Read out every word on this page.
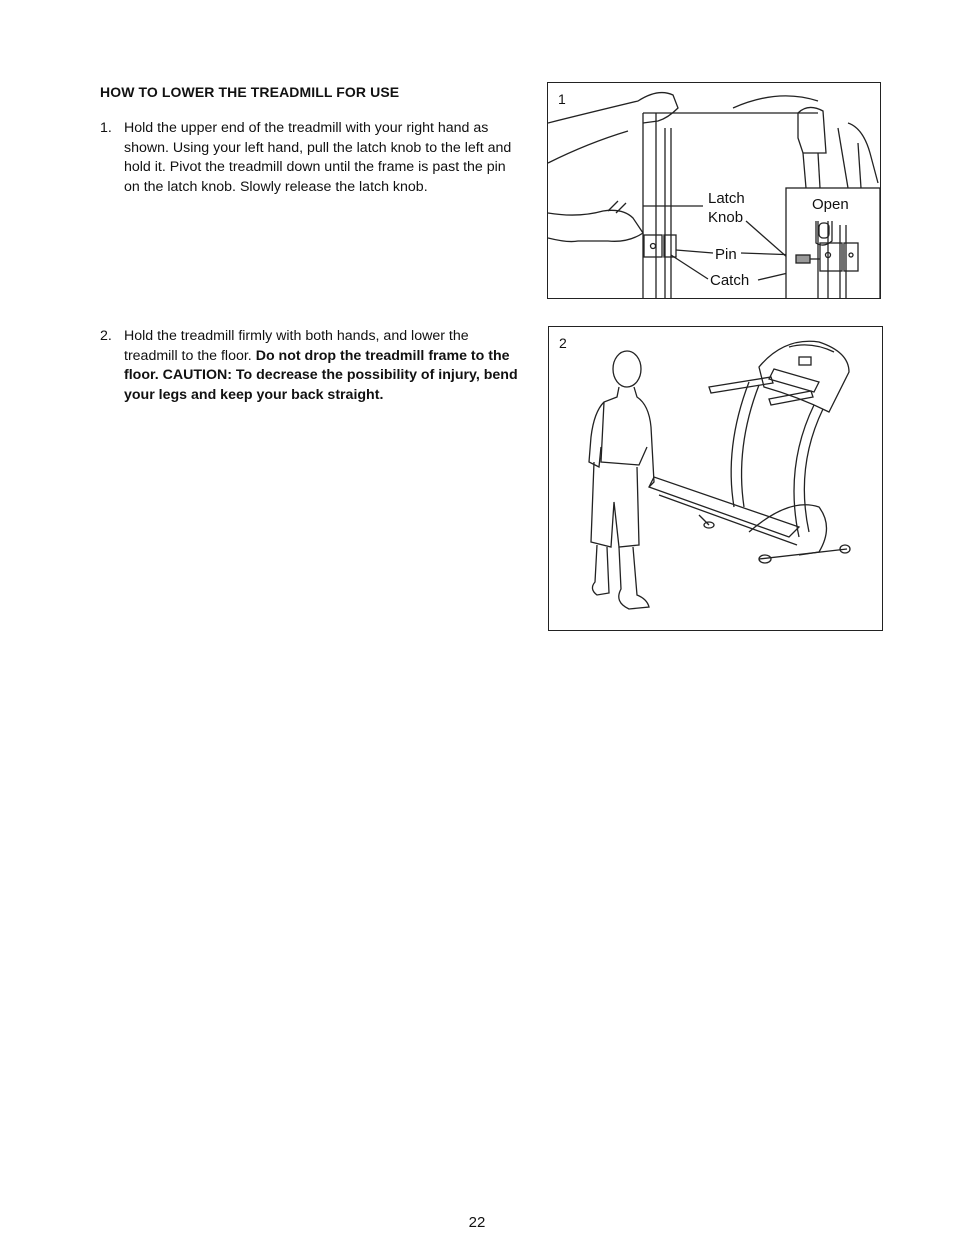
HOW TO LOWER THE TREADMILL FOR USE
1. Hold the upper end of the treadmill with your right hand as shown. Using your left hand, pull the latch knob to the left and hold it. Pivot the treadmill down until the frame is past the pin on the latch knob. Slowly release the latch knob.
2. Hold the treadmill firmly with both hands, and lower the treadmill to the floor. Do not drop the treadmill frame to the floor. CAUTION: To decrease the possibility of injury, bend your legs and keep your back straight.
1
Latch
Knob
Pin
Catch
Open
2
22
